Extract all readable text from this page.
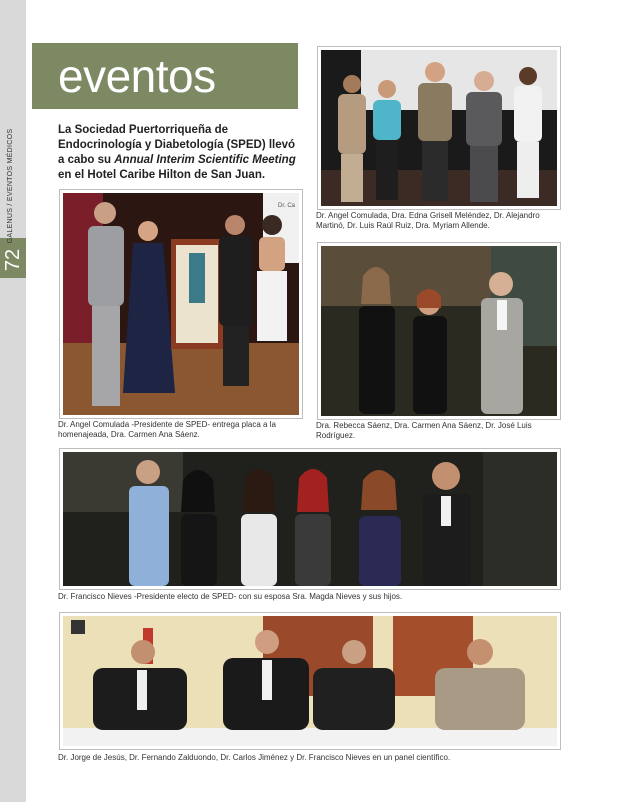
72
GALENUS / EVENTOS MÉDICOS
eventos
La Sociedad Puertorriqueña de Endocrinología y Diabetología (SPED) llevó a cabo su Annual Interim Scientific Meeting en el Hotel Caribe Hilton de San Juan.
Dr. Angel Comulada, Dra. Edna Grisell Meléndez, Dr. Alejandro Martinó, Dr. Luis Raúl Ruiz, Dra. Myriam Allende.
Dr. Ca
Dr. Angel Comulada -Presidente de SPED- entrega placa a la homenajeada, Dra. Carmen Ana Sáenz.
Dra. Rebecca Sáenz, Dra. Carmen Ana Sáenz, Dr. José Luis Rodríguez.
Dr. Francisco Nieves -Presidente electo de SPED- con su esposa Sra. Magda Nieves y sus hijos.
Dr. Jorge de Jesús, Dr. Fernando Zalduondo, Dr. Carlos Jiménez y Dr. Francisco Nieves en un panel científico.
